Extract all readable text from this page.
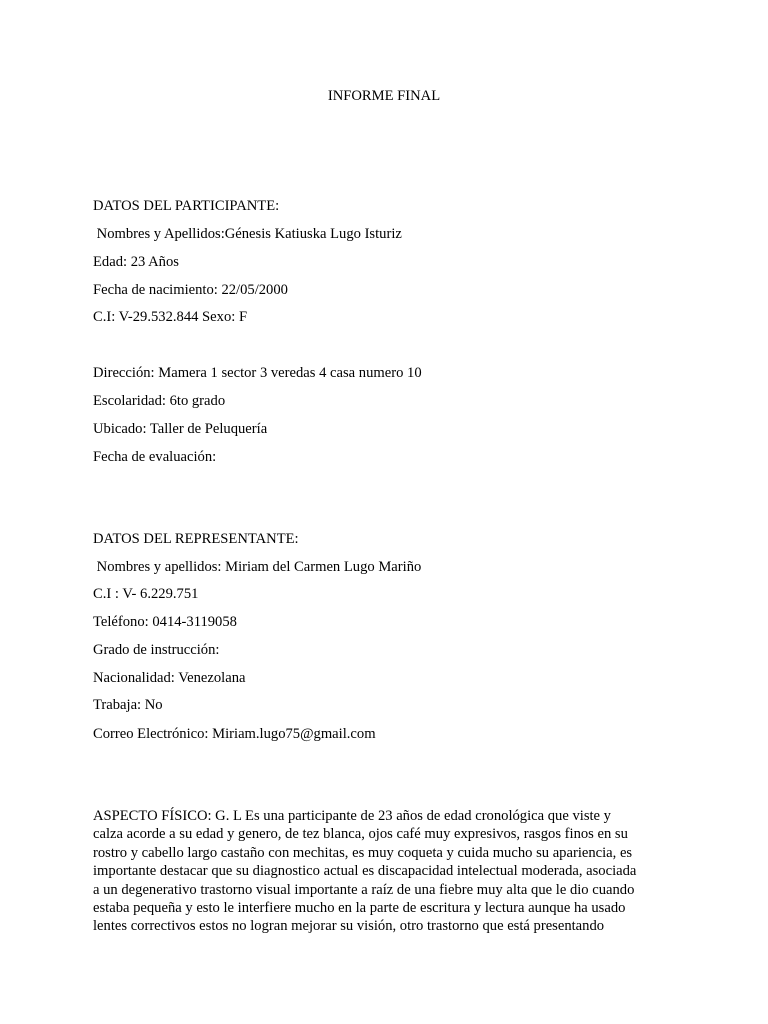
INFORME FINAL

DATOS DEL PARTICIPANTE:

Nombres y Apellidos:Génesis Katiuska Lugo Isturiz

Edad: 23 Años

Fecha de nacimiento: 22/05/2000

C.I: V-29.532.844 Sexo: F

Dirección: Mamera 1 sector 3 veredas 4 casa numero 10

Escolaridad: 6to grado

Ubicado: Taller de Peluquería

Fecha de evaluación:

DATOS DEL REPRESENTANTE:

Nombres y apellidos: Miriam del Carmen Lugo Mariño

C.I : V- 6.229.751

Teléfono: 0414-3119058

Grado de instrucción:

Nacionalidad: Venezolana

Trabaja: No

Correo Electrónico: Miriam.lugo75@gmail.com

ASPECTO FÍSICO: G. L Es una participante de 23 años de edad cronológica que viste y

calza acorde a su edad y genero, de tez blanca, ojos café muy expresivos, rasgos finos en su

rostro y cabello largo castaño con mechitas, es muy coqueta y cuida mucho su apariencia, es

importante destacar que su diagnostico actual es discapacidad intelectual moderada, asociada

a un degenerativo trastorno visual importante a raíz de una fiebre muy alta que le dio cuando

estaba pequeña y esto le interfiere mucho en la parte de escritura y lectura aunque ha usado

lentes correctivos estos no logran mejorar su visión, otro trastorno que está presentando
